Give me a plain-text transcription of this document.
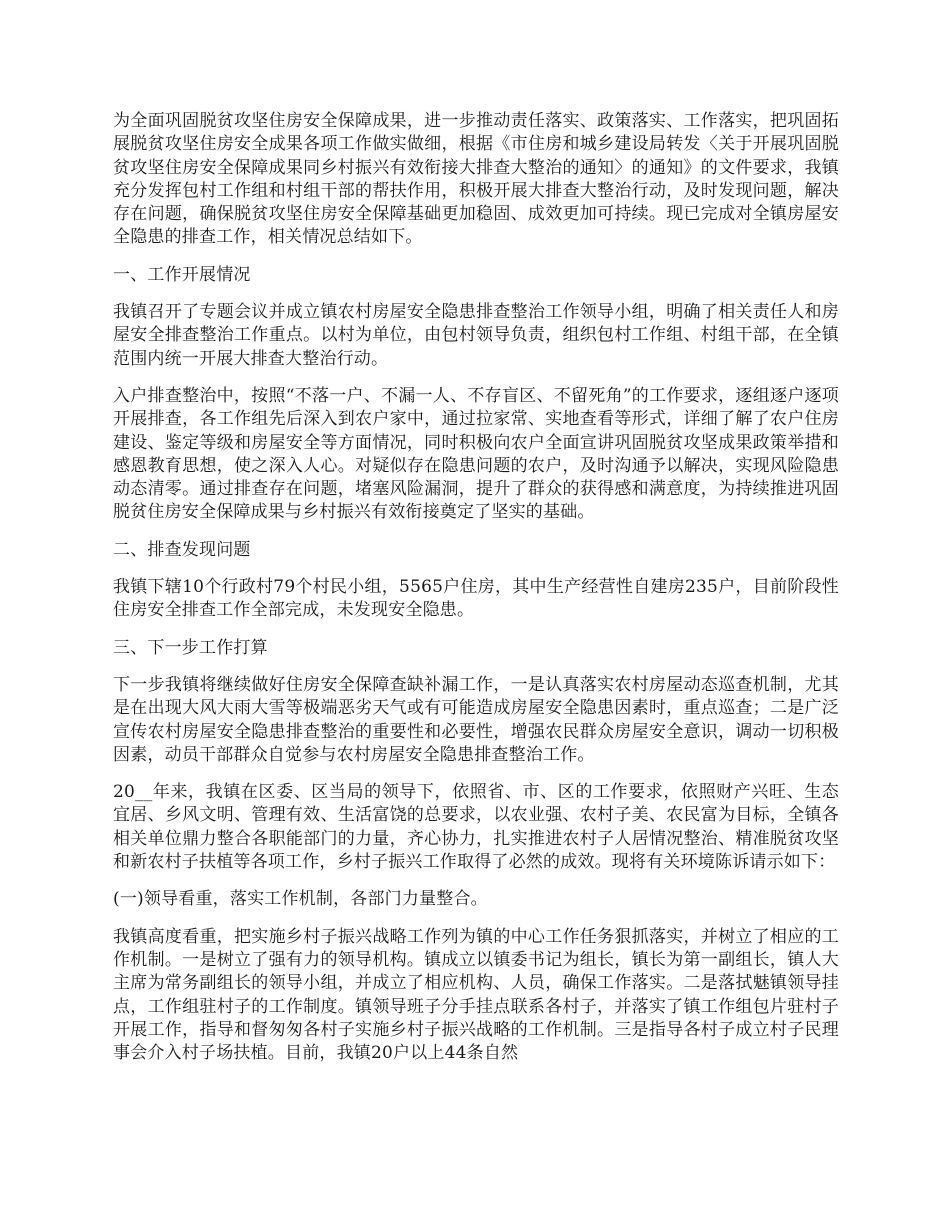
为全面巩固脱贫攻坚住房安全保障成果，进一步推动责任落实、政策落实、工作落实，把巩固拓展脱贫攻坚住房安全成果各项工作做实做细，根据《市住房和城乡建设局转发〈关于开展巩固脱贫攻坚住房安全保障成果同乡村振兴有效衔接大排查大整治的通知〉的通知》的文件要求，我镇充分发挥包村工作组和村组干部的帮扶作用，积极开展大排查大整治行动，及时发现问题，解决存在问题，确保脱贫攻坚住房安全保障基础更加稳固、成效更加可持续。现已完成对全镇房屋安全隐患的排查工作，相关情况总结如下。

一、工作开展情况

我镇召开了专题会议并成立镇农村房屋安全隐患排查整治工作领导小组，明确了相关责任人和房屋安全排查整治工作重点。以村为单位，由包村领导负责，组织包村工作组、村组干部，在全镇范围内统一开展大排查大整治行动。

入户排查整治中，按照“不落一户、不漏一人、不存盲区、不留死角”的工作要求，逐组逐户逐项开展排查，各工作组先后深入到农户家中，通过拉家常、实地查看等形式，详细了解了农户住房建设、鉴定等级和房屋安全等方面情况，同时积极向农户全面宣讲巩固脱贫攻坚成果政策举措和感恩教育思想，使之深入人心。对疑似存在隐患问题的农户，及时沟通予以解决，实现风险隐患动态清零。通过排查存在问题，堵塞风险漏洞，提升了群众的获得感和满意度，为持续推进巩固脱贫住房安全保障成果与乡村振兴有效衔接奠定了坚实的基础。

二、排查发现问题

我镇下辖10个行政村79个村民小组，5565户住房，其中生产经营性自建房235户，目前阶段性住房安全排查工作全部完成，未发现安全隐患。

三、下一步工作打算

下一步我镇将继续做好住房安全保障查缺补漏工作，一是认真落实农村房屋动态巡查机制，尤其是在出现大风大雨大雪等极端恶劣天气或有可能造成房屋安全隐患因素时，重点巡查；二是广泛宣传农村房屋安全隐患排查整治的重要性和必要性，增强农民群众房屋安全意识，调动一切积极因素，动员干部群众自觉参与农村房屋安全隐患排查整治工作。

20__年来，我镇在区委、区当局的领导下，依照省、市、区的工作要求，依照财产兴旺、生态宜居、乡风文明、管理有效、生活富饶的总要求，以农业强、农村子美、农民富为目标，全镇各相关单位鼎力整合各职能部门的力量，齐心协力，扎实推进农村子人居情况整治、精准脱贫攻坚和新农村子扶植等各项工作，乡村子振兴工作取得了必然的成效。现将有关环境陈诉请示如下：

(一)领导看重，落实工作机制，各部门力量整合。

我镇高度看重，把实施乡村子振兴战略工作列为镇的中心工作任务狠抓落实，并树立了相应的工作机制。一是树立了强有力的领导机构。镇成立以镇委书记为组长，镇长为第一副组长，镇人大主席为常务副组长的领导小组，并成立了相应机构、人员，确保工作落实。二是落拭魅镇领导挂点，工作组驻村子的工作制度。镇领导班子分手挂点联系各村子，并落实了镇工作组包片驻村子开展工作，指导和督匆匆各村子实施乡村子振兴战略的工作机制。三是指导各村子成立村子民理事会介入村子场扶植。目前，我镇20户以上44条自然
